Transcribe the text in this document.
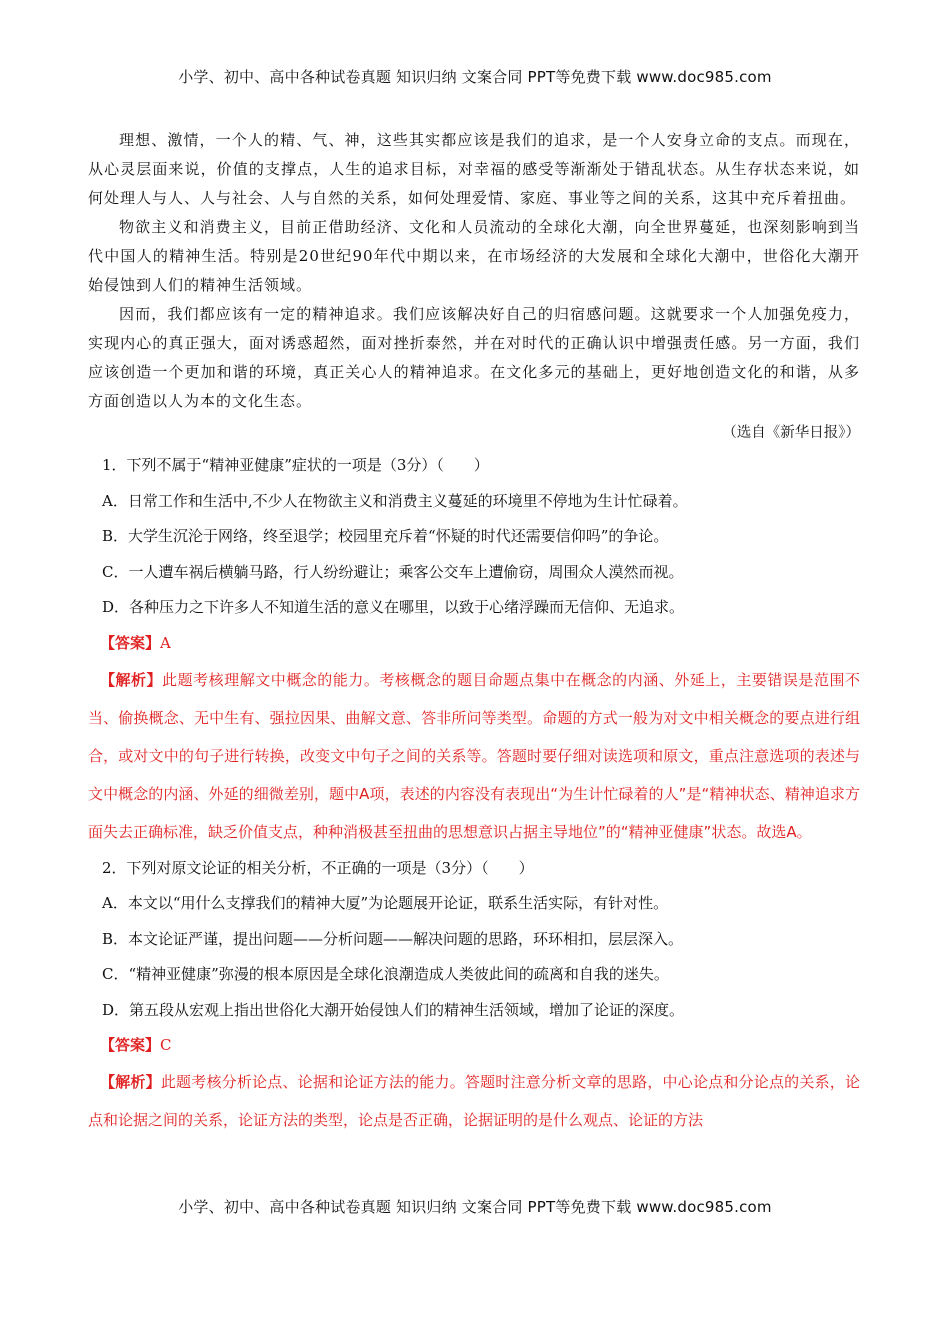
小学、初中、高中各种试卷真题 知识归纳 文案合同 PPT等免费下载 www.doc985.com

理想、激情，一个人的精、气、神，这些其实都应该是我们的追求，是一个人安身立命的支点。而现在，从心灵层面来说，价值的支撑点，人生的追求目标，对幸福的感受等渐渐处于错乱状态。从生存状态来说，如何处理人与人、人与社会、人与自然的关系，如何处理爱情、家庭、事业等之间的关系，这其中充斥着扭曲。

物欲主义和消费主义，目前正借助经济、文化和人员流动的全球化大潮，向全世界蔓延，也深刻影响到当代中国人的精神生活。特别是20世纪90年代中期以来，在市场经济的大发展和全球化大潮中，世俗化大潮开始侵蚀到人们的精神生活领域。

因而，我们都应该有一定的精神追求。我们应该解决好自己的归宿感问题。这就要求一个人加强免疫力，实现内心的真正强大，面对诱惑超然，面对挫折泰然，并在对时代的正确认识中增强责任感。另一方面，我们应该创造一个更加和谐的环境，真正关心人的精神追求。在文化多元的基础上，更好地创造文化的和谐，从多方面创造以人为本的文化生态。

（选自《新华日报》）

1．下列不属于“精神亚健康”症状的一项是（3分）（　　）

A．日常工作和生活中,不少人在物欲主义和消费主义蔓延的环境里不停地为生计忙碌着。

B．大学生沉沦于网络，终至退学；校园里充斥着“怀疑的时代还需要信仰吗”的争论。

C．一人遭车祸后横躺马路，行人纷纷避让；乘客公交车上遭偷窃，周围众人漠然而视。

D．各种压力之下许多人不知道生活的意义在哪里，以致于心绪浮躁而无信仰、无追求。

【答案】A

【解析】此题考核理解文中概念的能力。考核概念的题目命题点集中在概念的内涵、外延上，主要错误是范围不当、偷换概念、无中生有、强拉因果、曲解文意、答非所问等类型。命题的方式一般为对文中相关概念的要点进行组合，或对文中的句子进行转换，改变文中句子之间的关系等。答题时要仔细对读选项和原文，重点注意选项的表述与文中概念的内涵、外延的细微差别，题中A项，表述的内容没有表现出“为生计忙碌着的人”是“精神状态、精神追求方面失去正确标准，缺乏价值支点，种种消极甚至扭曲的思想意识占据主导地位”的“精神亚健康”状态。故选A。

2．下列对原文论证的相关分析，不正确的一项是（3分）（　　）

A．本文以“用什么支撑我们的精神大厦”为论题展开论证，联系生活实际，有针对性。

B．本文论证严谨，提出问题——分析问题——解决问题的思路，环环相扣，层层深入。

C．“精神亚健康”弥漫的根本原因是全球化浪潮造成人类彼此间的疏离和自我的迷失。

D．第五段从宏观上指出世俗化大潮开始侵蚀人们的精神生活领域，增加了论证的深度。

【答案】C

【解析】此题考核分析论点、论据和论证方法的能力。答题时注意分析文章的思路，中心论点和分论点的关系，论点和论据之间的关系，论证方法的类型，论点是否正确，论据证明的是什么观点、论证的方法

小学、初中、高中各种试卷真题 知识归纳 文案合同 PPT等免费下载 www.doc985.com
